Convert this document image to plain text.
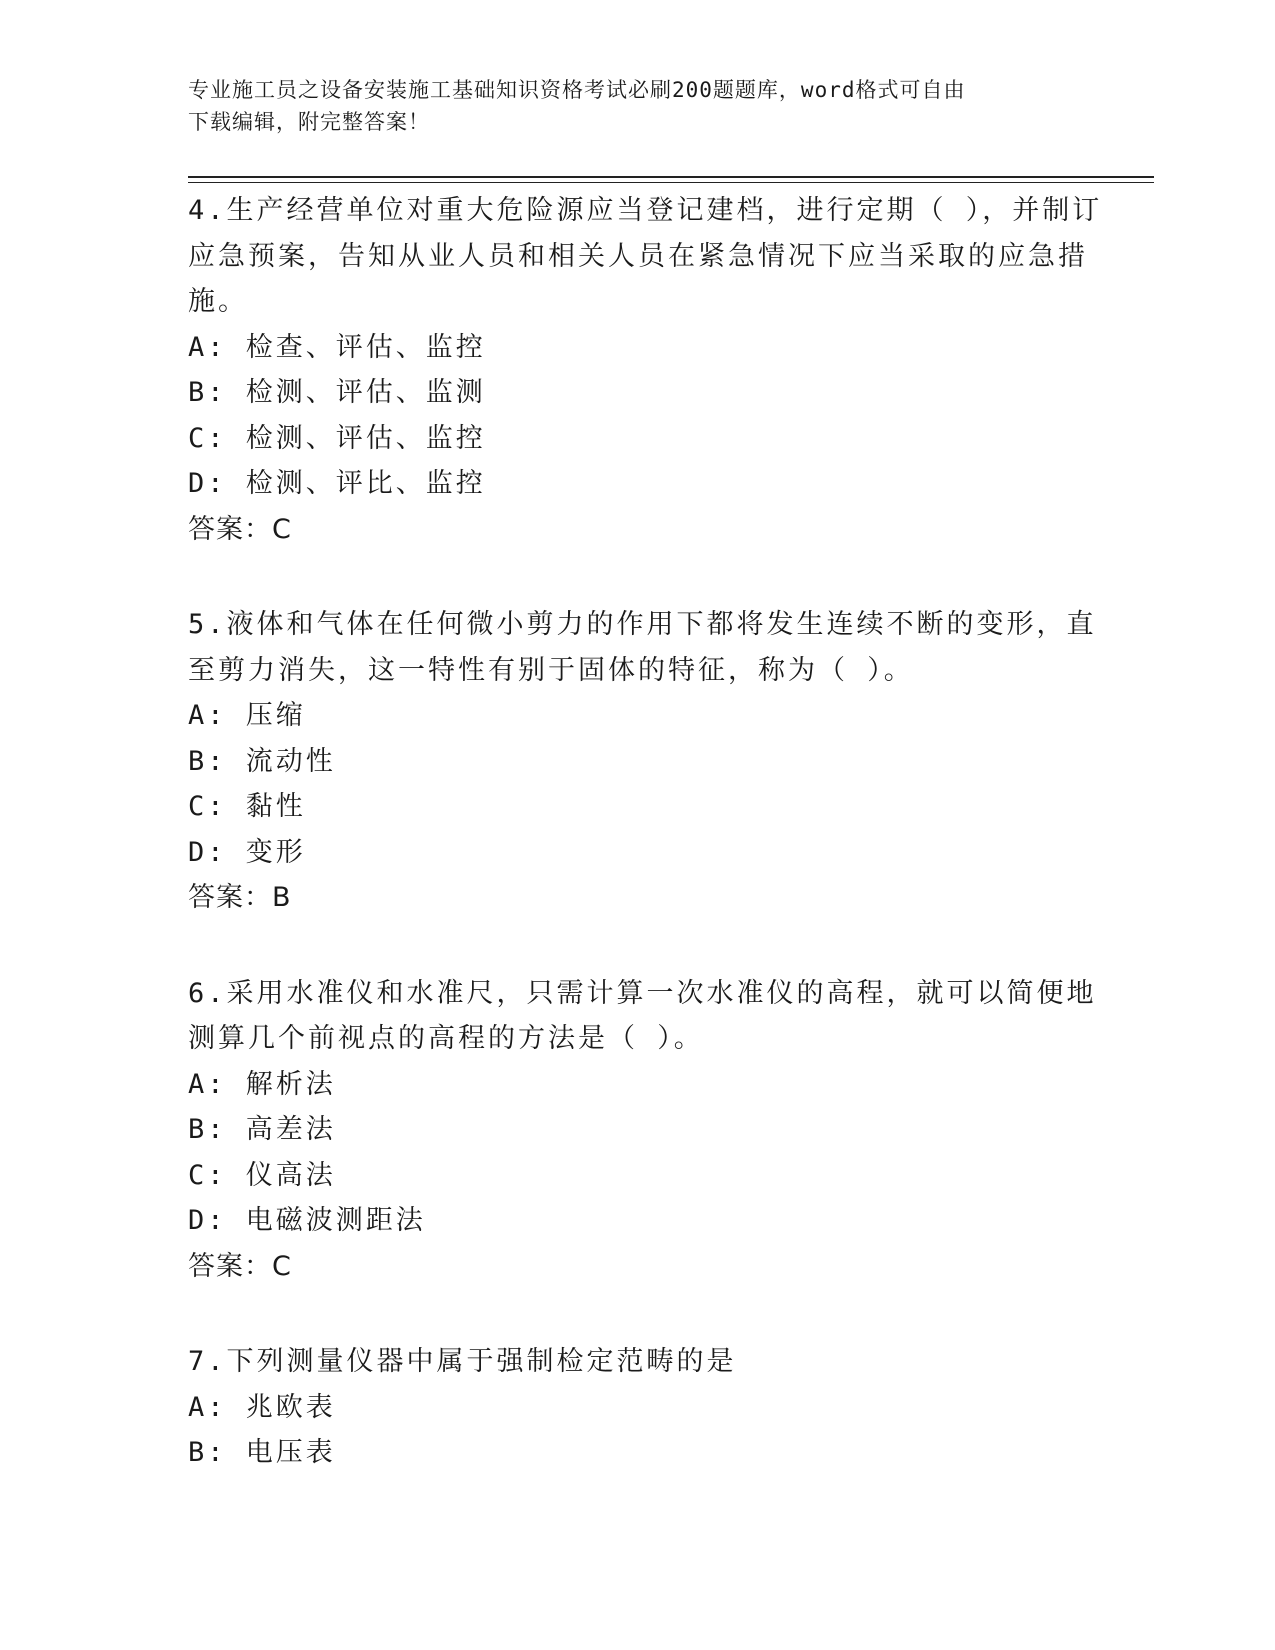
专业施工员之设备安装施工基础知识资格考试必刷200题题库，word格式可自由
下载编辑，附完整答案！
4.生产经营单位对重大危险源应当登记建档，进行定期（ ），并制订
应急预案，告知从业人员和相关人员在紧急情况下应当采取的应急措
施。
A: 检查、评估、监控
B: 检测、评估、监测
C: 检测、评估、监控
D: 检测、评比、监控
答案：C
5.液体和气体在任何微小剪力的作用下都将发生连续不断的变形，直
至剪力消失，这一特性有别于固体的特征，称为（ ）。
A: 压缩
B: 流动性
C: 黏性
D: 变形
答案：B
6.采用水准仪和水准尺，只需计算一次水准仪的高程，就可以简便地
测算几个前视点的高程的方法是（ ）。
A: 解析法
B: 高差法
C: 仪高法
D: 电磁波测距法
答案：C
7.下列测量仪器中属于强制检定范畴的是
A: 兆欧表
B: 电压表
